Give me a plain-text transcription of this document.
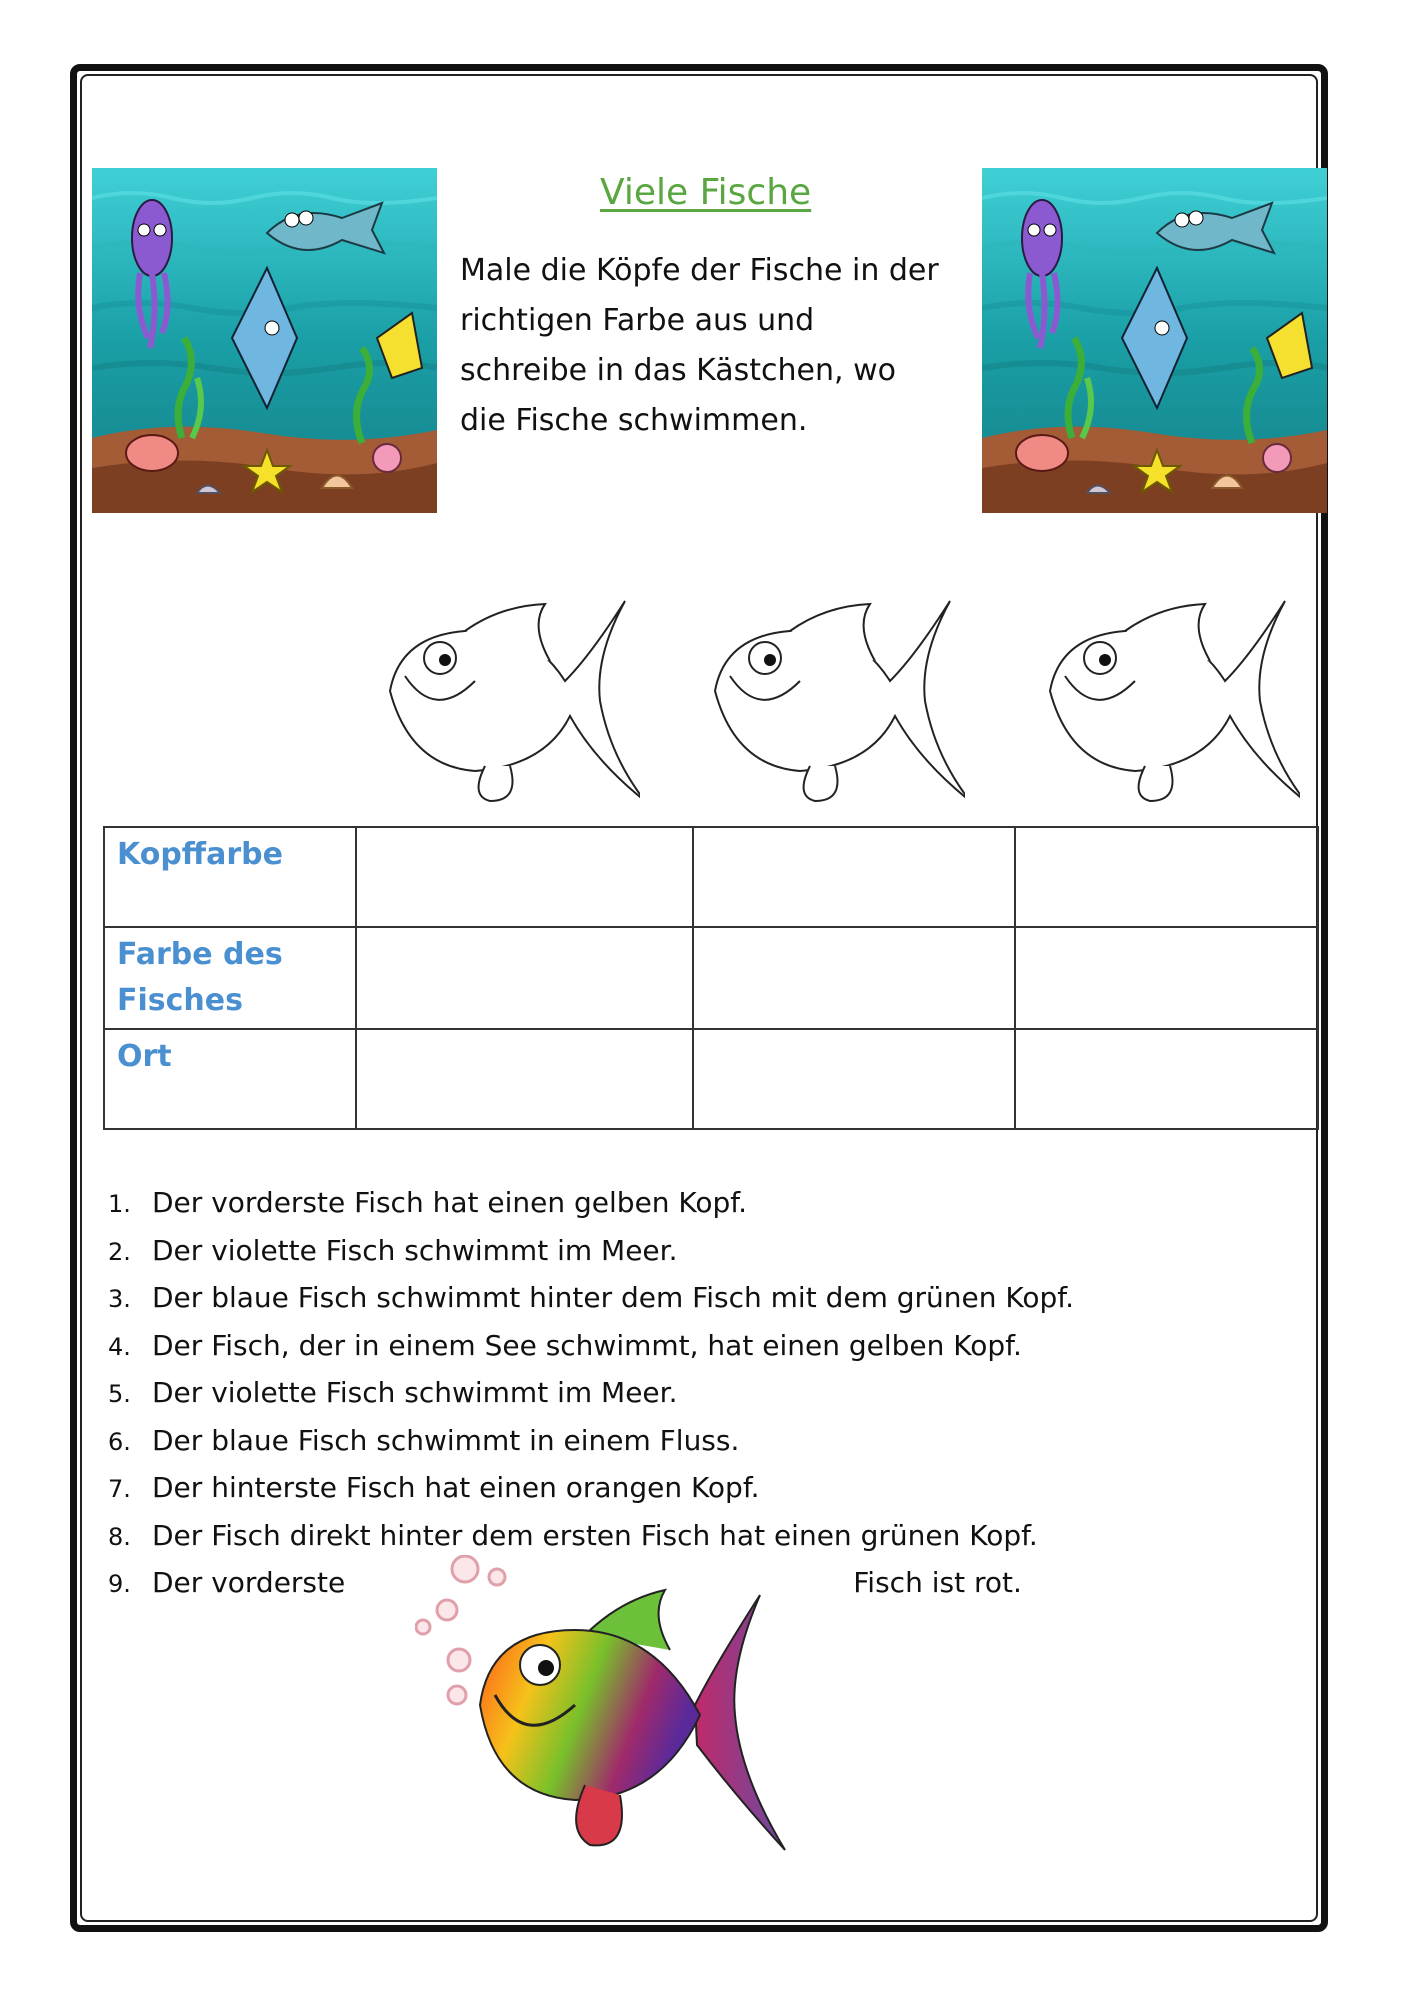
Viele Fische
Male die Köpfe der Fische in der richtigen Farbe aus und schreibe in das Kästchen, wo die Fische schwimmen.
Kopffarbe			
Farbe des Fisches			
Ort			
1. Der vorderste Fisch hat einen gelben Kopf.
2. Der violette Fisch schwimmt im Meer.
3. Der blaue Fisch schwimmt hinter dem Fisch mit dem grünen Kopf.
4. Der Fisch, der in einem See schwimmt, hat einen gelben Kopf.
5. Der violette Fisch schwimmt im Meer.
6. Der blaue Fisch schwimmt in einem Fluss.
7. Der hinterste Fisch hat einen orangen Kopf.
8. Der Fisch direkt hinter dem ersten Fisch hat einen grünen Kopf.
9. Der vorderste	Fisch ist rot.
